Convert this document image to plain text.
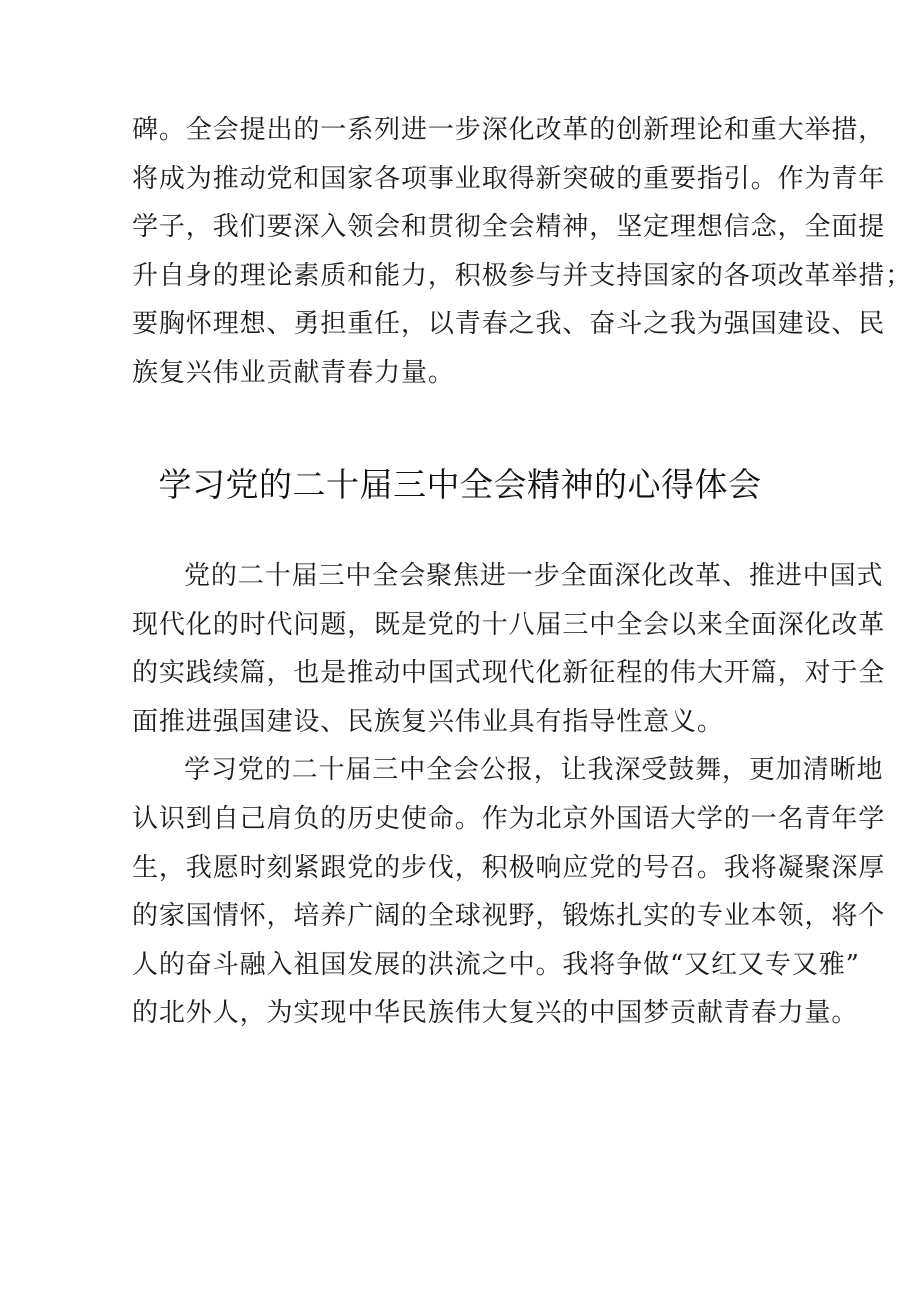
碑。全会提出的一系列进一步深化改革的创新理论和重大举措，
将成为推动党和国家各项事业取得新突破的重要指引。作为青年
学子，我们要深入领会和贯彻全会精神，坚定理想信念，全面提
升自身的理论素质和能力，积极参与并支持国家的各项改革举措；
要胸怀理想、勇担重任，以青春之我、奋斗之我为强国建设、民
族复兴伟业贡献青春力量。
学习党的二十届三中全会精神的心得体会

党的二十届三中全会聚焦进一步全面深化改革、推进中国式
现代化的时代问题，既是党的十八届三中全会以来全面深化改革
的实践续篇，也是推动中国式现代化新征程的伟大开篇，对于全
面推进强国建设、民族复兴伟业具有指导性意义。

学习党的二十届三中全会公报，让我深受鼓舞，更加清晰地
认识到自己肩负的历史使命。作为北京外国语大学的一名青年学
生，我愿时刻紧跟党的步伐，积极响应党的号召。我将凝聚深厚
的家国情怀，培养广阔的全球视野，锻炼扎实的专业本领，将个
人的奋斗融入祖国发展的洪流之中。我将争做“又红又专又雅”
的北外人，为实现中华民族伟大复兴的中国梦贡献青春力量。
